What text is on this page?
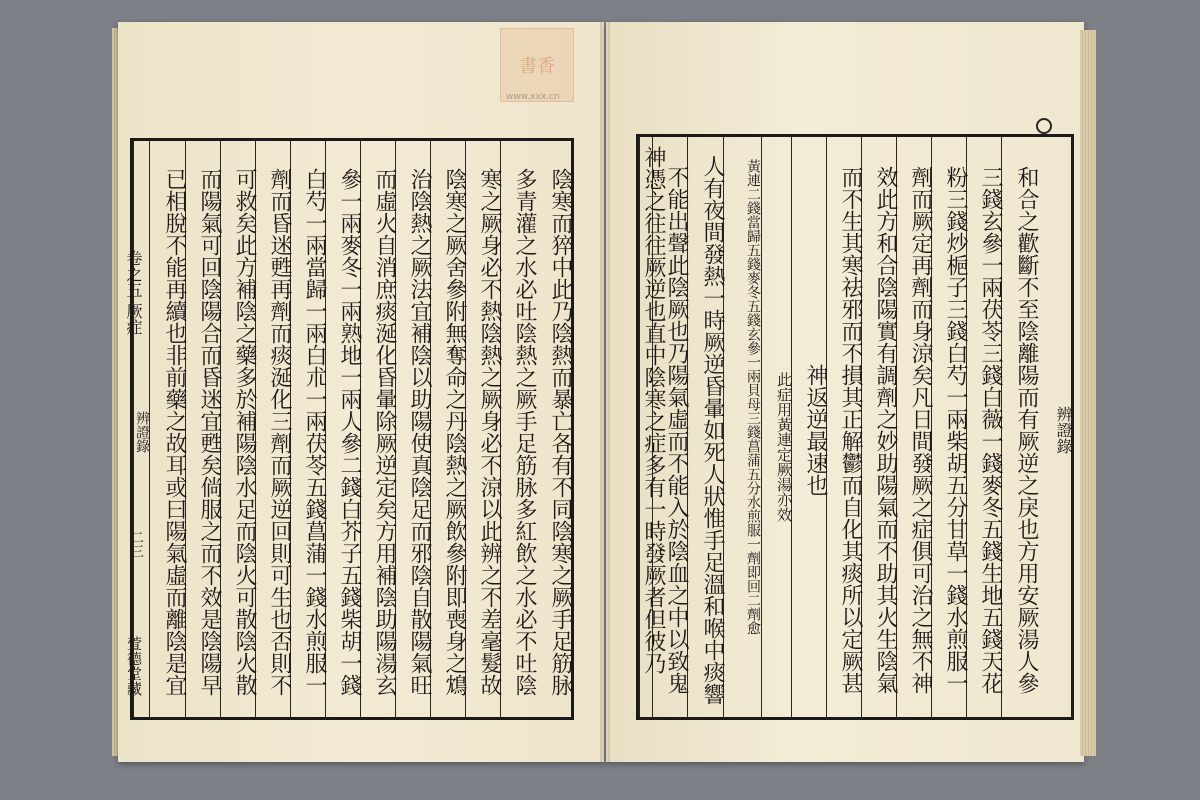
書香
www.xxx.cn
陰寒而猝中此乃陰熱而暴亡各有不同陰寒之厥手足筋脉
多青灌之水必吐陰熱之厥手足筋脉多紅飲之水必不吐陰
寒之厥身必不熱陰熱之厥身必不涼以此辨之不差毫髮故
陰寒之厥舍參附無奪命之丹陰熱之厥飲參附即喪身之鴆
治陰熱之厥法宜補陰以助陽使真陰足而邪陰自散陽氣旺
而虛火自消庶痰涎化昏暈除厥逆定矣方用補陰助陽湯玄
參一兩麥冬一兩熟地一兩人參二錢白芥子五錢柴胡一錢
白芍一兩當歸一兩白朮一兩茯苓五錢菖蒲一錢水煎服一
劑而昏迷甦再劑而痰涎化三劑而厥逆回則可生也否則不
可救矣此方補陰之藥多於補陽陰水足而陰火可散陰火散
而陽氣可回陰陽合而昏迷宜甦矣倘服之而不效是陰陽早
已相脫不能再續也非前藥之故耳或曰陽氣虛而離陰是宜
辨證錄
卷之五 厥症
二三
萱德堂藏
辨證錄
和合之歡斷不至陰離陽而有厥逆之戾也方用安厥湯人參
三錢玄參一兩茯苓三錢白薇一錢麥冬五錢生地五錢天花
粉三錢炒梔子三錢白芍一兩柴胡五分甘草一錢水煎服一
劑而厥定再劑而身涼矣凡日間發厥之症俱可治之無不神
效此方和合陰陽實有調劑之妙助陽氣而不助其火生陰氣
而不生其寒祛邪而不損其正解鬱而自化其痰所以定厥甚
神返逆最速也
此症用黃連定厥湯亦效
黃連二錢當歸五錢麥冬五錢玄參一兩貝母三錢菖蒲五分水煎服一劑即回二劑愈
人有夜間發熱一時厥逆昏暈如死人狀惟手足溫和喉中痰響
不能出聲此陰厥也乃陽氣虛而不能入於陰血之中以致鬼
神憑之往往厥逆也直中陰寒之症多有一時發厥者但彼乃
